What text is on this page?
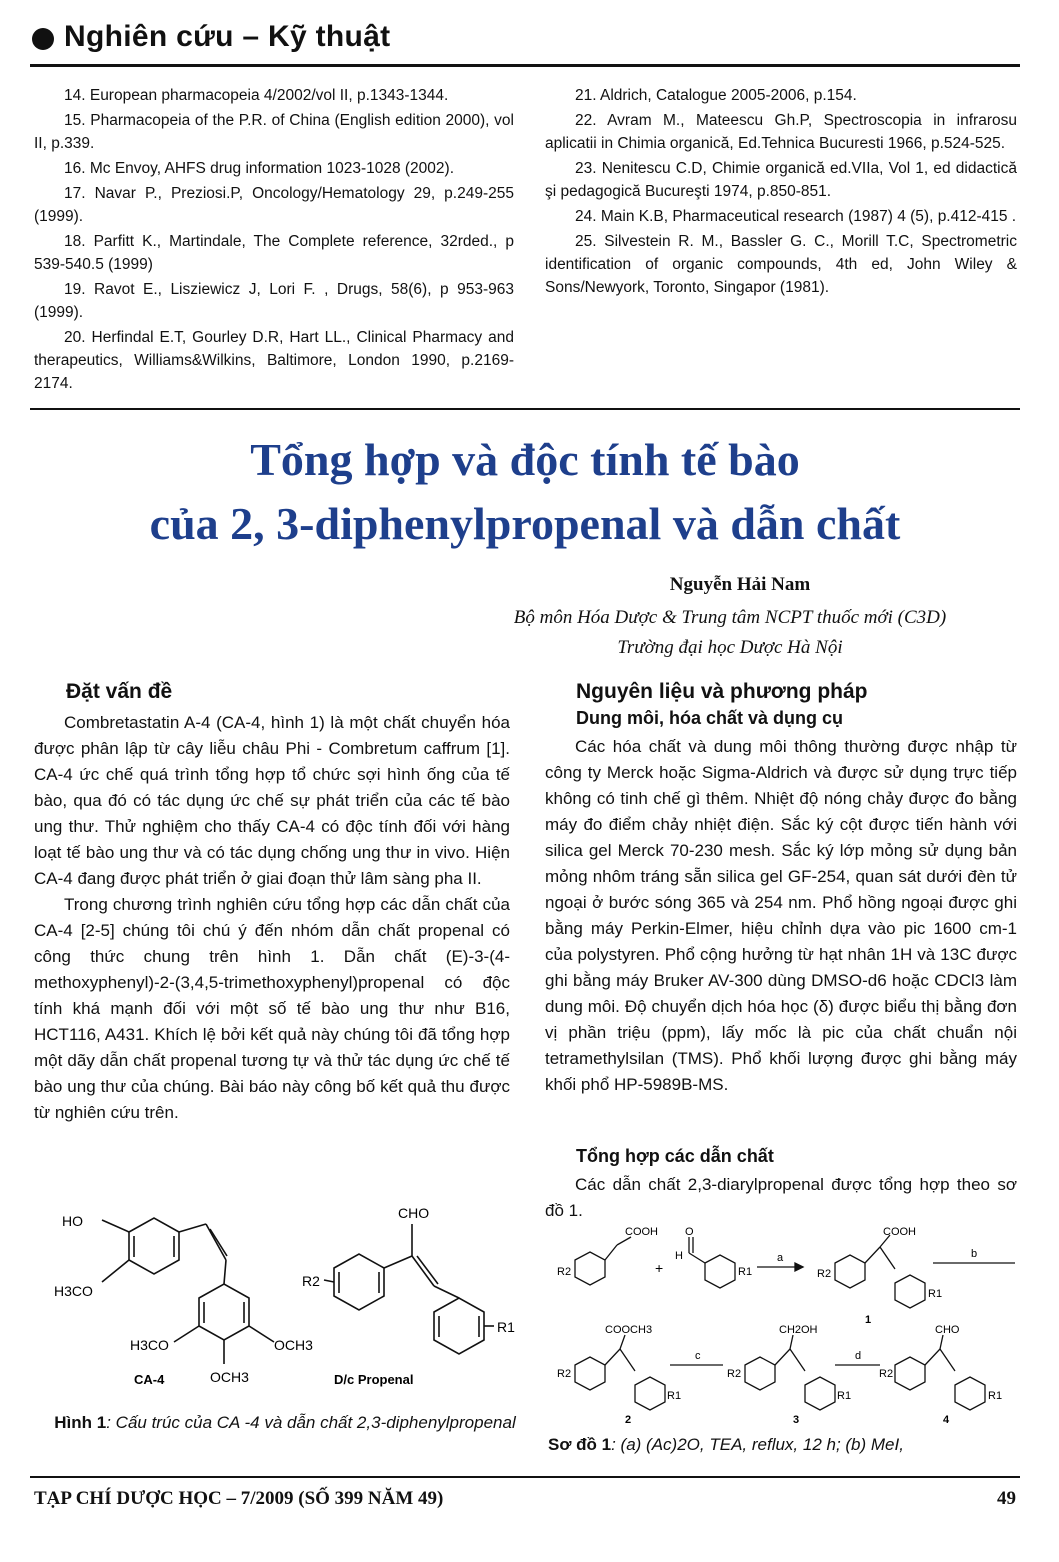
Nghiên cứu – Kỹ thuật

14. European pharmacopeia 4/2002/vol II, p.1343-1344.

15. Pharmacopeia of the P.R. of China (English edition 2000), vol II, p.339.

16. Mc Envoy, AHFS drug information 1023-1028 (2002).

17. Navar P., Preziosi.P, Oncology/Hematology 29, p.249-255 (1999).

18. Parfitt K., Martindale, The Complete reference, 32rded., p 539-540.5 (1999)

19. Ravot E., Lisziewicz J, Lori F. , Drugs, 58(6), p 953-963 (1999).

20. Herfindal E.T, Gourley D.R, Hart LL., Clinical Pharmacy and therapeutics, Williams&Wilkins, Baltimore, London 1990, p.2169-2174.

21. Aldrich, Catalogue 2005-2006, p.154.

22. Avram M., Mateescu Gh.P, Spectroscopia in infrarosu aplicatii in Chimia organică, Ed.Tehnica Bucuresti 1966, p.524-525.

23. Nenitescu C.D, Chimie organică ed.VIIa, Vol 1, ed didactică şi pedagogică Bucureşti 1974, p.850-851.

24. Main K.B, Pharmaceutical research (1987) 4 (5), p.412-415 .

25. Silvestein R. M., Bassler G. C., Morill T.C, Spectrometric identification of organic compounds, 4th ed, John Wiley & Sons/Newyork, Toronto, Singapor (1981).

Tổng hợp và độc tính tế bào
của 2, 3-diphenylpropenal và dẫn chất
Nguyễn Hải Nam
Bộ môn Hóa Dược & Trung tâm NCPT thuốc mới (C3D)
Trường đại học Dược Hà Nội
Đặt vấn đề

Combretastatin A-4 (CA-4, hình 1) là một chất chuyển hóa được phân lập từ cây liễu châu Phi - Combretum caffrum [1]. CA-4 ức chế quá trình tổng hợp tổ chức sợi hình ống của tế bào, qua đó có tác dụng ức chế sự phát triển của các tế bào ung thư. Thử nghiệm cho thấy CA-4 có độc tính đối với hàng loạt tế bào ung thư và có tác dụng chống ung thư in vivo. Hiện CA-4 đang được phát triển ở giai đoạn thử lâm sàng pha II.

Trong chương trình nghiên cứu tổng hợp các dẫn chất của CA-4 [2-5] chúng tôi chú ý đến nhóm dẫn chất propenal có công thức chung trên hình 1. Dẫn chất (E)-3-(4-methoxyphenyl)-2-(3,4,5-trimethoxyphenyl)propenal có độc tính khá mạnh đối với một số tế bào ung thư như B16, HCT116, A431. Khích lệ bởi kết quả này chúng tôi đã tổng hợp một dãy dẫn chất propenal tương tự và thử tác dụng ức chế tế bào ung thư của chúng. Bài báo này công bố kết quả thu được từ nghiên cứu trên.

HO
H3CO
H3CO	OCH3
OCH3
CA-4
CHO
R2
R1
D/c Propenal
Hình 1: Cấu trúc của CA -4 và dẫn chất 2,3-diphenylpropenal
Nguyên liệu và phương pháp
Dung môi, hóa chất và dụng cụ

Các hóa chất và dung môi thông thường được nhập từ công ty Merck hoặc Sigma-Aldrich và được sử dụng trực tiếp không có tinh chế gì thêm. Nhiệt độ nóng chảy được đo bằng máy đo điểm chảy nhiệt điện. Sắc ký cột được tiến hành với silica gel Merck 70-230 mesh. Sắc ký lớp mỏng sử dụng bản mỏng nhôm tráng sẵn silica gel GF-254, quan sát dưới đèn tử ngoại ở bước sóng 365 và 254 nm. Phổ hồng ngoại được ghi bằng máy Perkin-Elmer, hiệu chỉnh dựa vào pic 1600 cm-1 của polystyren. Phổ cộng hưởng từ hạt nhân 1H và 13C được ghi bằng máy Bruker AV-300 dùng DMSO-d6 hoặc CDCl3 làm dung môi. Độ chuyển dịch hóa học (δ) được biểu thị bằng đơn vị phần triệu (ppm), lấy mốc là pic của chất chuẩn nội tetramethylsilan (TMS). Phổ khối lượng được ghi bằng máy khối phổ HP-5989B-MS.

Tổng hợp các dẫn chất

Các dẫn chất 2,3-diarylpropenal được tổng hợp theo sơ đồ 1.

COOH
R2	+
H
O
R1
a
R2
COOH
R1
1
b
COOCH3
R2
R1
2
c
R2
CH2OH
R1
3
d
R2
CHO
R1
4
Sơ đồ 1: (a) (Ac)2O, TEA, reflux, 12 h; (b) MeI,
TẠP CHÍ DƯỢC HỌC – 7/2009 (SỐ 399 NĂM 49)	49
